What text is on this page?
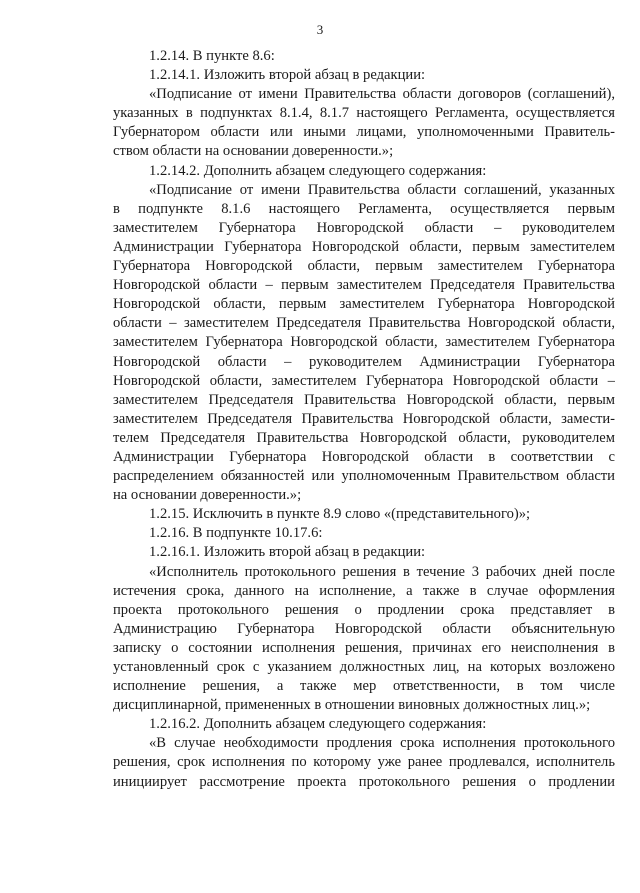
3
1.2.14. В пункте 8.6:
1.2.14.1. Изложить второй абзац в редакции:
«Подписание от имени Правительства области договоров (соглашений),
указанных в подпунктах 8.1.4, 8.1.7 настоящего Регламента, осуществляется
Губернатором области или иными лицами, уполномоченными Правитель-
ством области на основании доверенности.»;
1.2.14.2. Дополнить абзацем следующего содержания:
«Подписание от имени Правительства области соглашений, указанных
в подпункте 8.1.6 настоящего Регламента, осуществляется первым
заместителем Губернатора Новгородской области – руководителем
Администрации Губернатора Новгородской области, первым заместителем
Губернатора Новгородской области, первым заместителем Губернатора
Новгородской области – первым заместителем Председателя Правительства
Новгородской области, первым заместителем Губернатора Новгородской
области – заместителем Председателя Правительства Новгородской области,
заместителем Губернатора Новгородской области, заместителем Губернатора
Новгородской области – руководителем Администрации Губернатора
Новгородской области, заместителем Губернатора Новгородской области –
заместителем Председателя Правительства Новгородской области, первым
заместителем Председателя Правительства Новгородской области, замести-
телем Председателя Правительства Новгородской области, руководителем
Администрации Губернатора Новгородской области в соответствии с
распределением обязанностей или уполномоченным Правительством области
на основании доверенности.»;
1.2.15. Исключить в пункте 8.9 слово «(представительного)»;
1.2.16. В подпункте 10.17.6:
1.2.16.1. Изложить второй абзац в редакции:
«Исполнитель протокольного решения в течение 3 рабочих дней после
истечения срока, данного на исполнение, а также в случае оформления
проекта протокольного решения о продлении срока представляет в
Администрацию Губернатора Новгородской области объяснительную
записку о состоянии исполнения решения, причинах его неисполнения в
установленный срок с указанием должностных лиц, на которых возложено
исполнение решения, а также мер ответственности, в том числе
дисциплинарной, примененных в отношении виновных должностных лиц.»;
1.2.16.2. Дополнить абзацем следующего содержания:
«В случае необходимости продления срока исполнения протокольного
решения, срок исполнения по которому уже ранее продлевался, исполнитель
инициирует рассмотрение проекта протокольного решения о продлении
